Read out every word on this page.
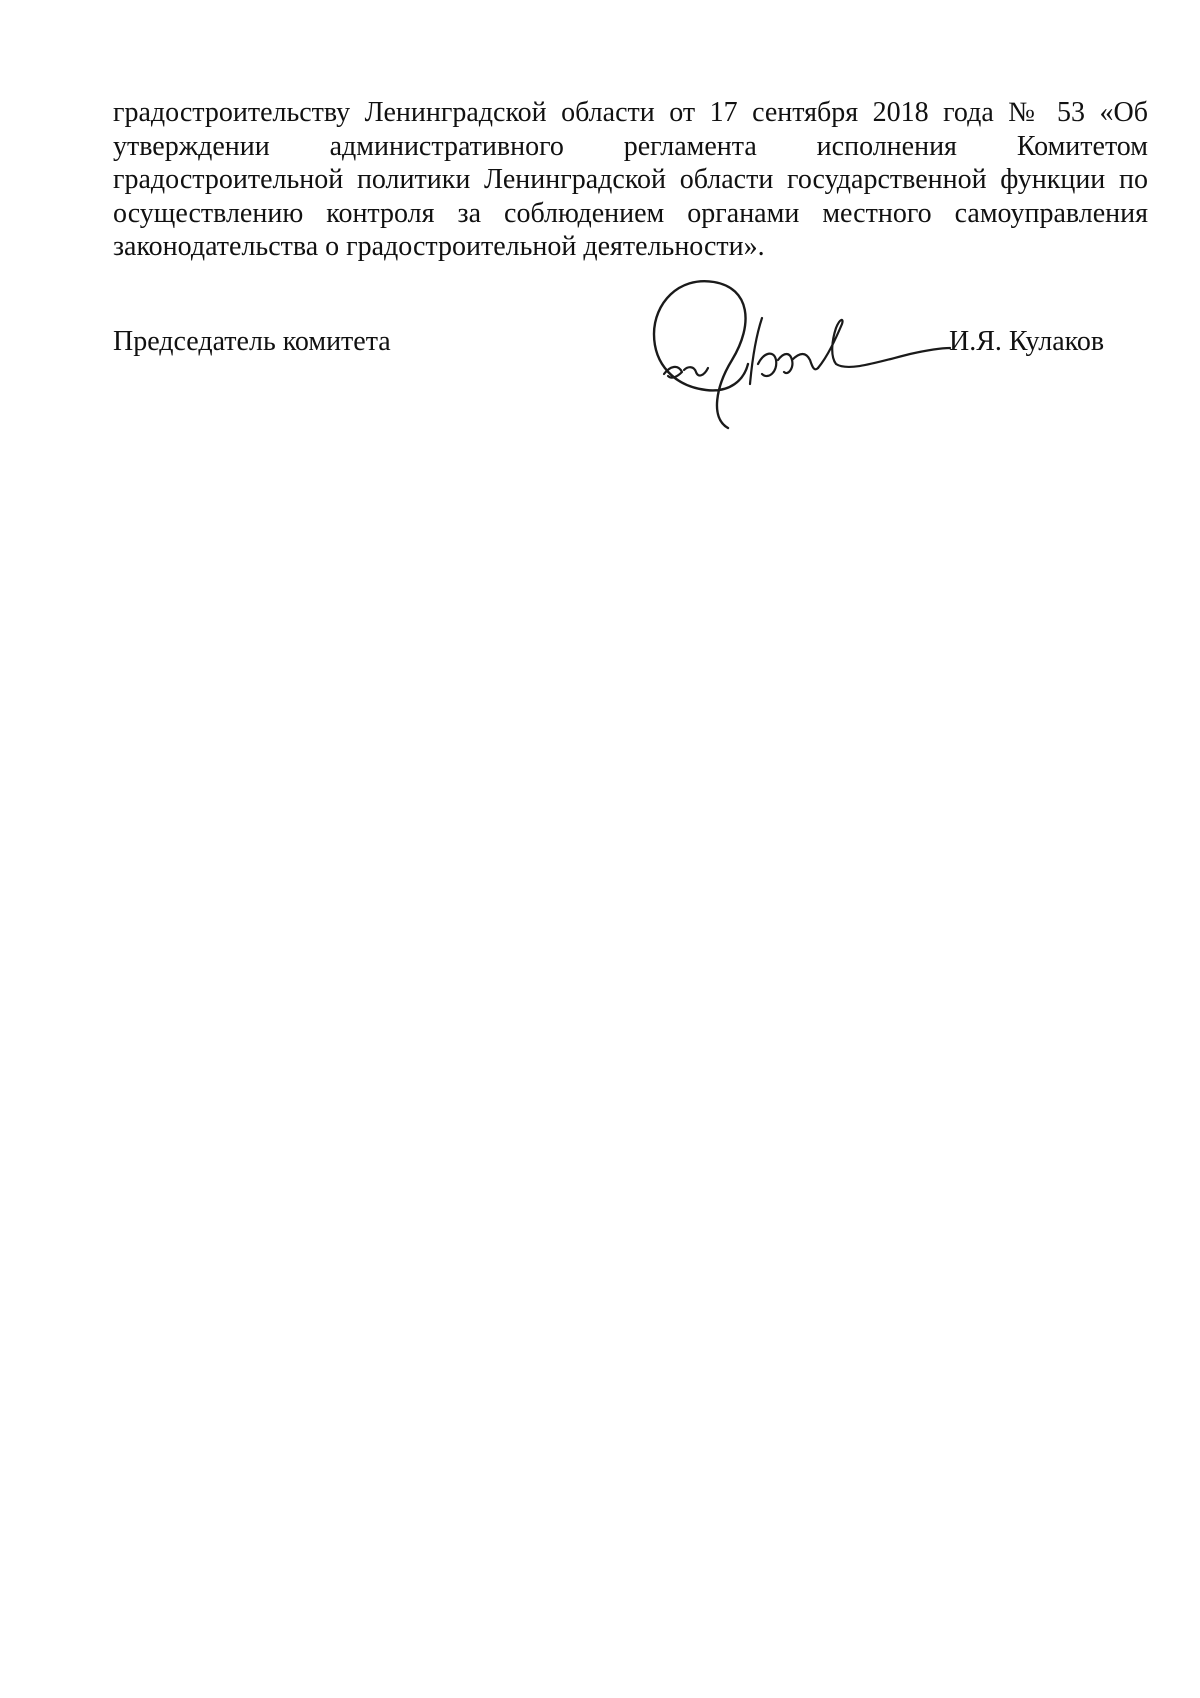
градостроительству Ленинградской области от 17 сентября 2018 года № 53 «Об
утверждении административного регламента исполнения Комитетом
градостроительной политики Ленинградской области государственной функции по
осуществлению контроля за соблюдением органами местного самоуправления
законодательства о градостроительной деятельности».
Председатель комитета	И.Я. Кулаков
